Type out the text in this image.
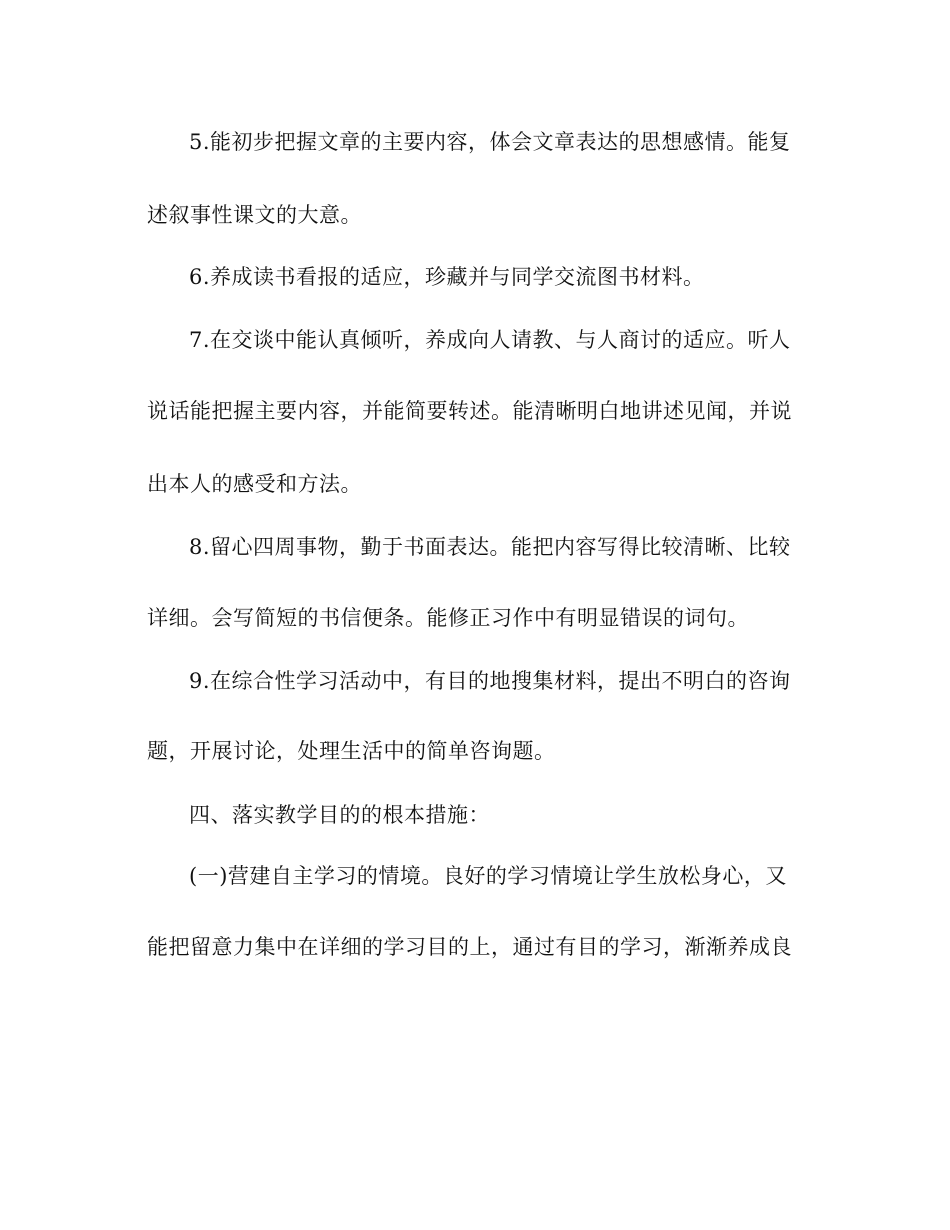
5.能初步把握文章的主要内容，体会文章表达的思想感情。能复
述叙事性课文的大意。
6.养成读书看报的适应，珍藏并与同学交流图书材料。
7.在交谈中能认真倾听，养成向人请教、与人商讨的适应。听人
说话能把握主要内容，并能简要转述。能清晰明白地讲述见闻，并说
出本人的感受和方法。
8.留心四周事物，勤于书面表达。能把内容写得比较清晰、比较
详细。会写简短的书信便条。能修正习作中有明显错误的词句。
9.在综合性学习活动中，有目的地搜集材料，提出不明白的咨询
题，开展讨论，处理生活中的简单咨询题。
四、落实教学目的的根本措施：
(一)营建自主学习的情境。良好的学习情境让学生放松身心，又
能把留意力集中在详细的学习目的上，通过有目的学习，渐渐养成良
